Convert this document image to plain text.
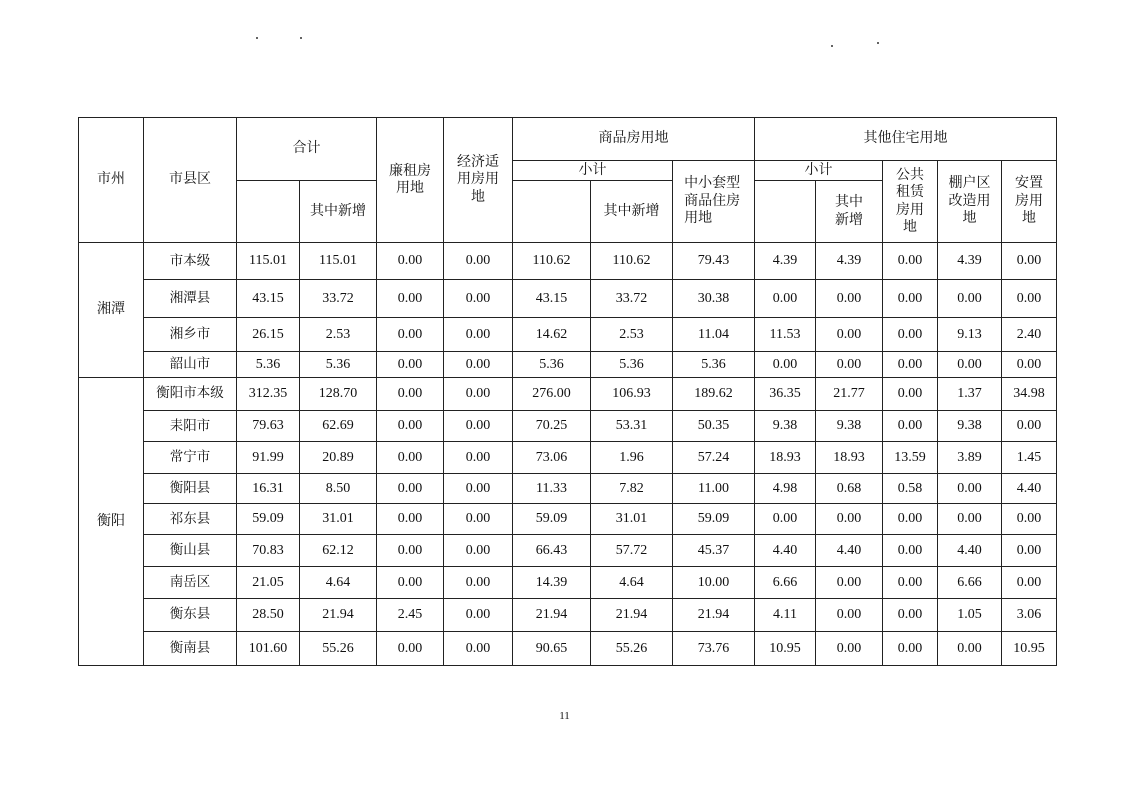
市州	市县区	合计		廉租房用地	经济适用房用地	商品房用地			其他住宅用地				
						小计		中小套型商品住房用地	小计		公共租赁房用地	棚户区改造用地	安置房用地

			其中新增				其中新增			其中新增			

湘潭	市本级	115.01	115.01	0.00	0.00	110.62	110.62	79.43	4.39	4.39	0.00	4.39	0.00
	湘潭县	43.15	33.72	0.00	0.00	43.15	33.72	30.38	0.00	0.00	0.00	0.00	0.00
	湘乡市	26.15	2.53	0.00	0.00	14.62	2.53	11.04	11.53	0.00	0.00	9.13	2.40
	韶山市	5.36	5.36	0.00	0.00	5.36	5.36	5.36	0.00	0.00	0.00	0.00	0.00
衡阳	衡阳市本级	312.35	128.70	0.00	0.00	276.00	106.93	189.62	36.35	21.77	0.00	1.37	34.98
	耒阳市	79.63	62.69	0.00	0.00	70.25	53.31	50.35	9.38	9.38	0.00	9.38	0.00
	常宁市	91.99	20.89	0.00	0.00	73.06	1.96	57.24	18.93	18.93	13.59	3.89	1.45
	衡阳县	16.31	8.50	0.00	0.00	11.33	7.82	11.00	4.98	0.68	0.58	0.00	4.40
	祁东县	59.09	31.01	0.00	0.00	59.09	31.01	59.09	0.00	0.00	0.00	0.00	0.00
	衡山县	70.83	62.12	0.00	0.00	66.43	57.72	45.37	4.40	4.40	0.00	4.40	0.00
	南岳区	21.05	4.64	0.00	0.00	14.39	4.64	10.00	6.66	0.00	0.00	6.66	0.00
	衡东县	28.50	21.94	2.45	0.00	21.94	21.94	21.94	4.11	0.00	0.00	1.05	3.06
	衡南县	101.60	55.26	0.00	0.00	90.65	55.26	73.76	10.95	0.00	0.00	0.00	10.95
11
